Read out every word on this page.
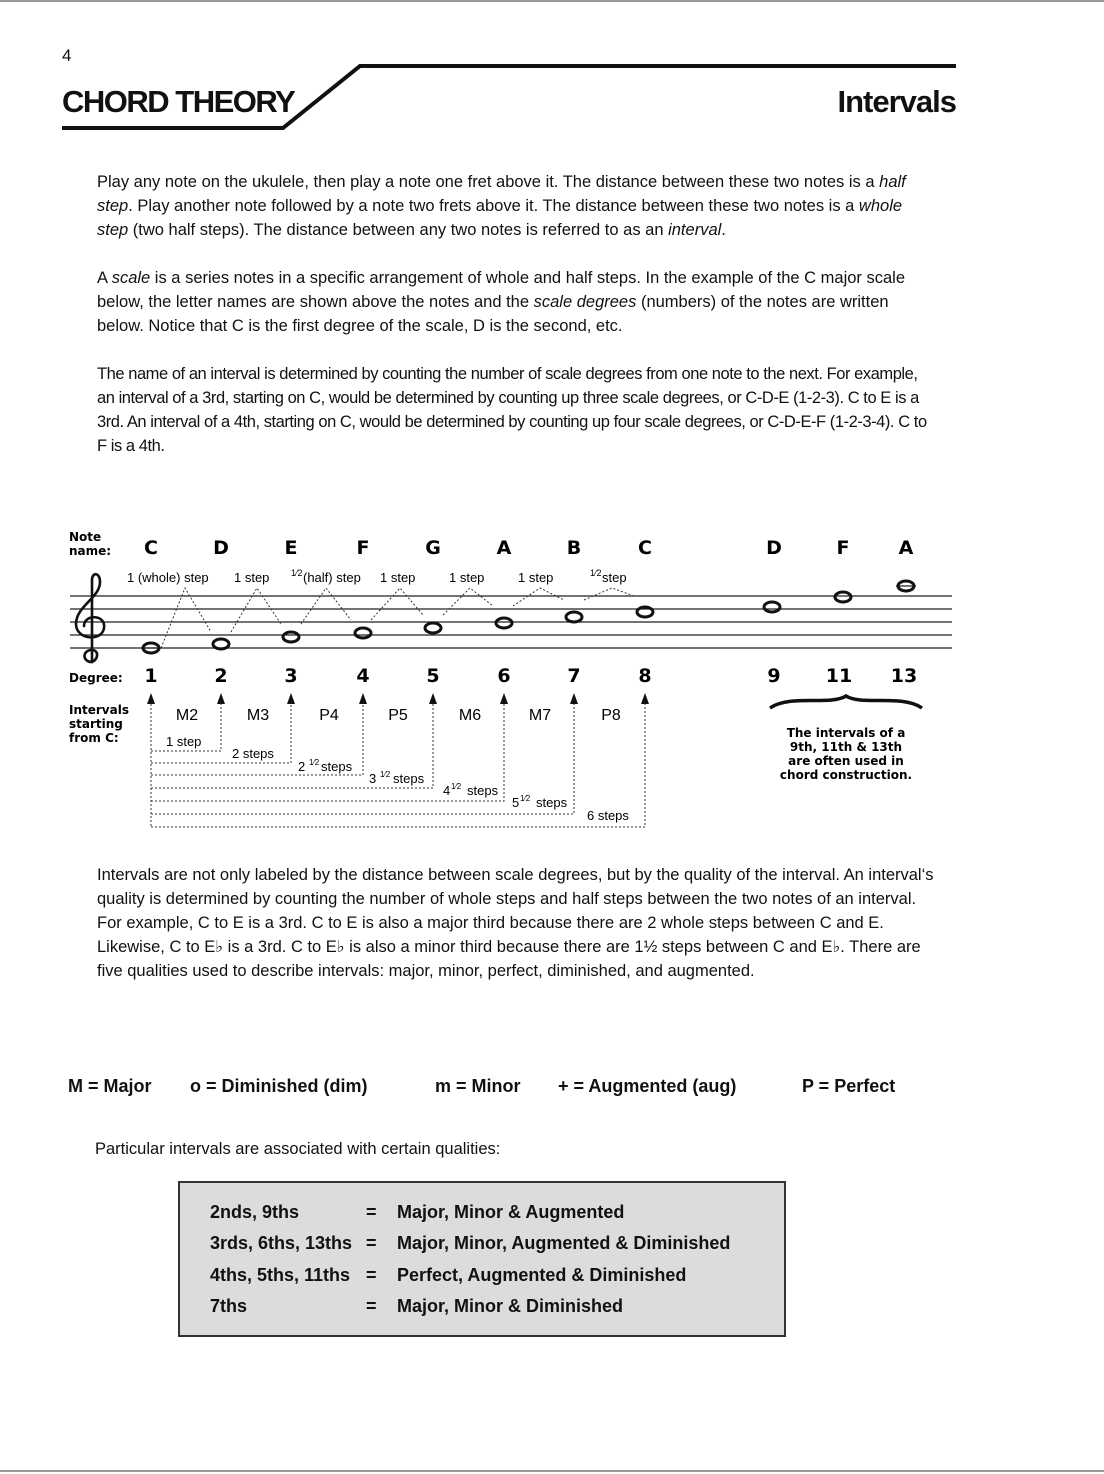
4
CHORD THEORY	Intervals
Play any note on the ukulele, then play a note one fret above it. The distance between these two notes is a half step. Play another note followed by a note two frets above it. The distance between these two notes is a whole step (two half steps). The distance between any two notes is referred to as an interval.
A scale is a series notes in a specific arrangement of whole and half steps. In the example of the C major scale below, the letter names are shown above the notes and the scale degrees (numbers) of the notes are written below. Notice that C is the first degree of the scale, D is the second, etc.
The name of an interval is determined by counting the number of scale degrees from one note to the next. For example, an interval of a 3rd, starting on C, would be determined by counting up three scale degrees, or C-D-E (1-2-3). C to E is a 3rd. An interval of a 4th, starting on C, would be determined by counting up four scale degrees, or C-D-E-F (1-2-3-4). C to F is a 4th.
Note
name: C	D	E	F	G	A	B	C	D	F	A
1 (whole) step 1 step 1⁄2 (half) step 1 step	1 step	1 step	1⁄2 step
Degree: 1	2	3	4	5	6	7	8	9 11 13
Intervals
starting
from C:
M2	M3	P4	P5	M6	M7	P8
1 step
2 steps
2 1⁄2 steps
3 1⁄2 steps
4 1⁄2 steps
5 1⁄2 steps
6 steps
The intervals of a
9th, 11th & 13th
are often used in
chord construction.
Intervals are not only labeled by the distance between scale degrees, but by the quality of the interval. An interval‘s quality is determined by counting the number of whole steps and half steps between the two notes of an interval. For example, C to E is a 3rd. C to E is also a major third because there are 2 whole steps between C and E. Likewise, C to E♭ is a 3rd. C to E♭ is also a minor third because there are 1½ steps between C and E♭. There are five qualities used to describe intervals: major, minor, perfect, diminished, and augmented.
M = Major o = Diminished (dim)	m = Minor + = Augmented (aug)	P = Perfect
Particular intervals are associated with certain qualities:
2nds, 9ths	= Major, Minor & Augmented
3rds, 6ths, 13ths = Major, Minor, Augmented & Diminished
4ths, 5ths, 11ths = Perfect, Augmented & Diminished
7ths	= Major, Minor & Diminished
